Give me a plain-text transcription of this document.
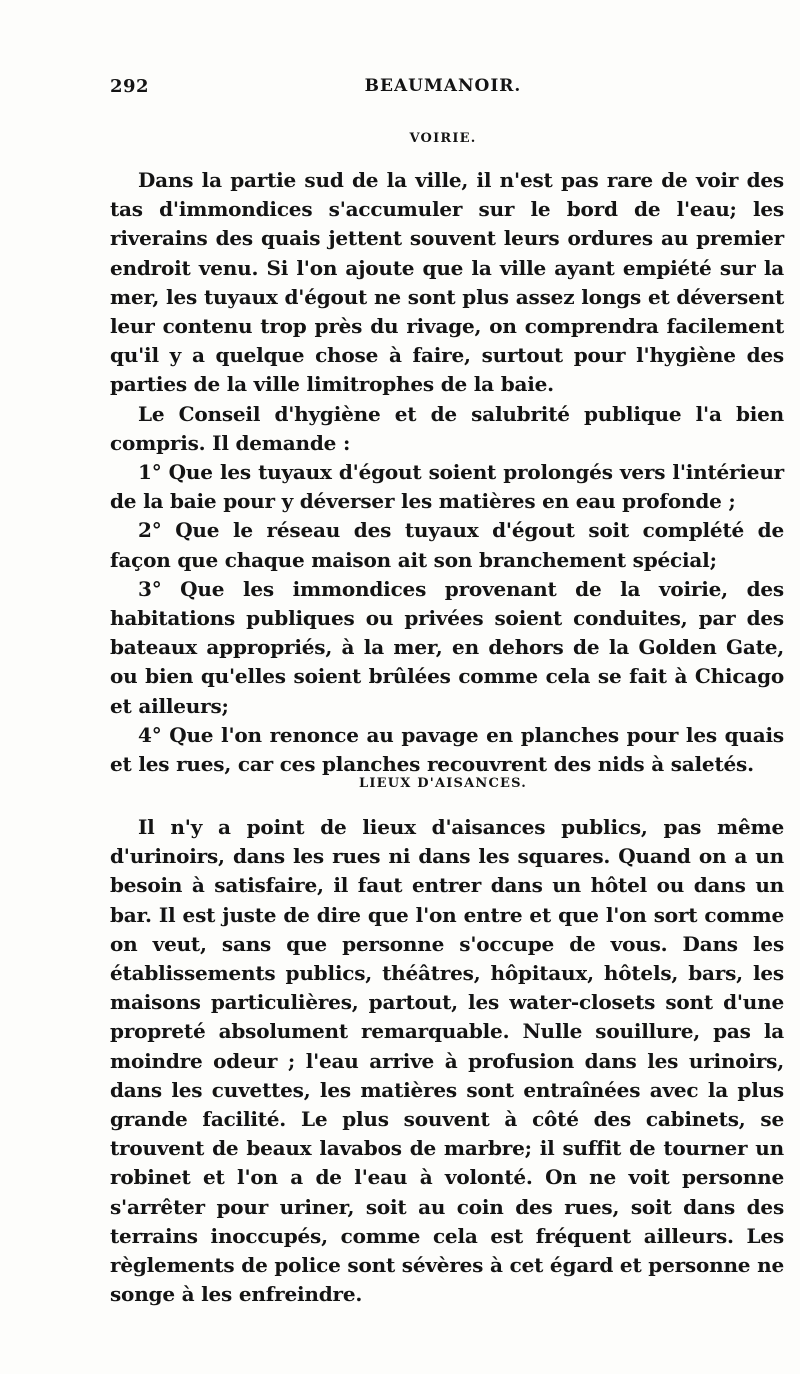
292	BEAUMANOIR.
VOIRIE.

Dans la partie sud de la ville, il n'est pas rare de voir des tas d'immondices s'accumuler sur le bord de l'eau; les riverains des quais jettent souvent leurs ordures au premier endroit venu. Si l'on ajoute que la ville ayant empiété sur la mer, les tuyaux d'égout ne sont plus assez longs et déversent leur contenu trop près du rivage, on comprendra facilement qu'il y a quelque chose à faire, surtout pour l'hygiène des parties de la ville limitrophes de la baie.

Le Conseil d'hygiène et de salubrité publique l'a bien compris. Il demande :

1° Que les tuyaux d'égout soient prolongés vers l'intérieur de la baie pour y déverser les matières en eau profonde ;

2° Que le réseau des tuyaux d'égout soit complété de façon que chaque maison ait son branchement spécial;

3° Que les immondices provenant de la voirie, des habitations publiques ou privées soient conduites, par des bateaux appropriés, à la mer, en dehors de la Golden Gate, ou bien qu'elles soient brûlées comme cela se fait à Chicago et ailleurs;

4° Que l'on renonce au pavage en planches pour les quais et les rues, car ces planches recouvrent des nids à saletés.

LIEUX D'AISANCES.

Il n'y a point de lieux d'aisances publics, pas même d'urinoirs, dans les rues ni dans les squares. Quand on a un besoin à satisfaire, il faut entrer dans un hôtel ou dans un bar. Il est juste de dire que l'on entre et que l'on sort comme on veut, sans que personne s'occupe de vous. Dans les établissements publics, théâtres, hôpitaux, hôtels, bars, les maisons particulières, partout, les water-closets sont d'une propreté absolument remarquable. Nulle souillure, pas la moindre odeur ; l'eau arrive à profusion dans les urinoirs, dans les cuvettes, les matières sont entraînées avec la plus grande facilité. Le plus souvent à côté des cabinets, se trouvent de beaux lavabos de marbre; il suffit de tourner un robinet et l'on a de l'eau à volonté. On ne voit personne s'arrêter pour uriner, soit au coin des rues, soit dans des terrains inoccupés, comme cela est fréquent ailleurs. Les règlements de police sont sévères à cet égard et personne ne songe à les enfreindre.
